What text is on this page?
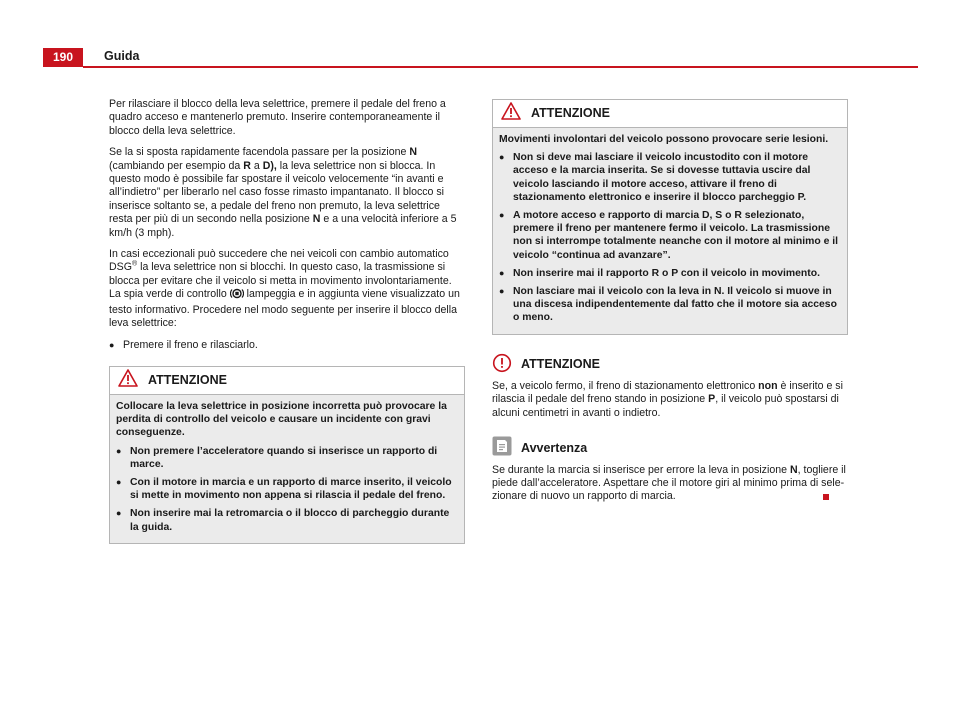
190	Guida

Per rilasciare il blocco della leva selettrice, premere il pedale del freno a quadro acceso e mantenerlo premuto. Inserire contemporaneamente il blocco della leva selettrice.

Se la si sposta rapidamente facendola passare per la posizione N (cambiando per esempio da R a D), la leva selettrice non si blocca. In questo modo è possibile far spostare il veicolo velocemente “in avanti e all’indietro” per liberarlo nel caso fosse rimasto impantanato. Il blocco si inserisce soltanto se, a pedale del freno non premuto, la leva selettrice resta per più di un secondo nella posizione N e a una velocità inferiore a 5 km/h (3 mph).

In casi eccezionali può succedere che nei veicoli con cambio automatico DSG® la leva selettrice non si blocchi. In questo caso, la trasmissione si blocca per evitare che il veicolo si metta in movimento involontariamente. La spia verde di controllo  lampeggia e in aggiunta viene visualizzato un testo informativo. Procedere nel modo seguente per inserire il blocco della leva selettrice:

● Premere il freno e rilasciarlo.
ATTENZIONE

Collocare la leva selettrice in posizione incorretta può provocare la perdita di controllo del veicolo e causare un incidente con gravi conseguenze.

● Non premere l’acceleratore quando si inserisce un rapporto di marce.
● Con il motore in marcia e un rapporto di marce inserito, il veicolo si mette in movimento non appena si rilascia il pedale del freno.
● Non inserire mai la retromarcia o il blocco di parcheggio durante la guida.
ATTENZIONE

Movimenti involontari del veicolo possono provocare serie lesioni.

● Non si deve mai lasciare il veicolo incustodito con il motore acceso e la marcia inserita. Se si dovesse tuttavia uscire dal veicolo lasciando il motore acceso, attivare il freno di stazionamento elettronico e inserire il blocco parcheggio P.
● A motore acceso e rapporto di marcia D, S o R selezionato, premere il freno per mantenere fermo il veicolo. La trasmissione non si interrompe totalmente neanche con il motore al minimo e il veicolo “continua ad avanzare”.
● Non inserire mai il rapporto R o P con il veicolo in movimento.
● Non lasciare mai il veicolo con la leva in N. Il veicolo si muove in una discesa indipendentemente dal fatto che il motore sia acceso o meno.
ATTENZIONE

Se, a veicolo fermo, il freno di stazionamento elettronico non è inserito e si rilascia il pedale del freno stando in posizione P, il veicolo può spostarsi di alcuni centimetri in avanti o indietro.

Avvertenza

Se durante la marcia si inserisce per errore la leva in posizione N, togliere il piede dall’acceleratore. Aspettare che il motore giri al minimo prima di selezionare di nuovo un rapporto di marcia.
